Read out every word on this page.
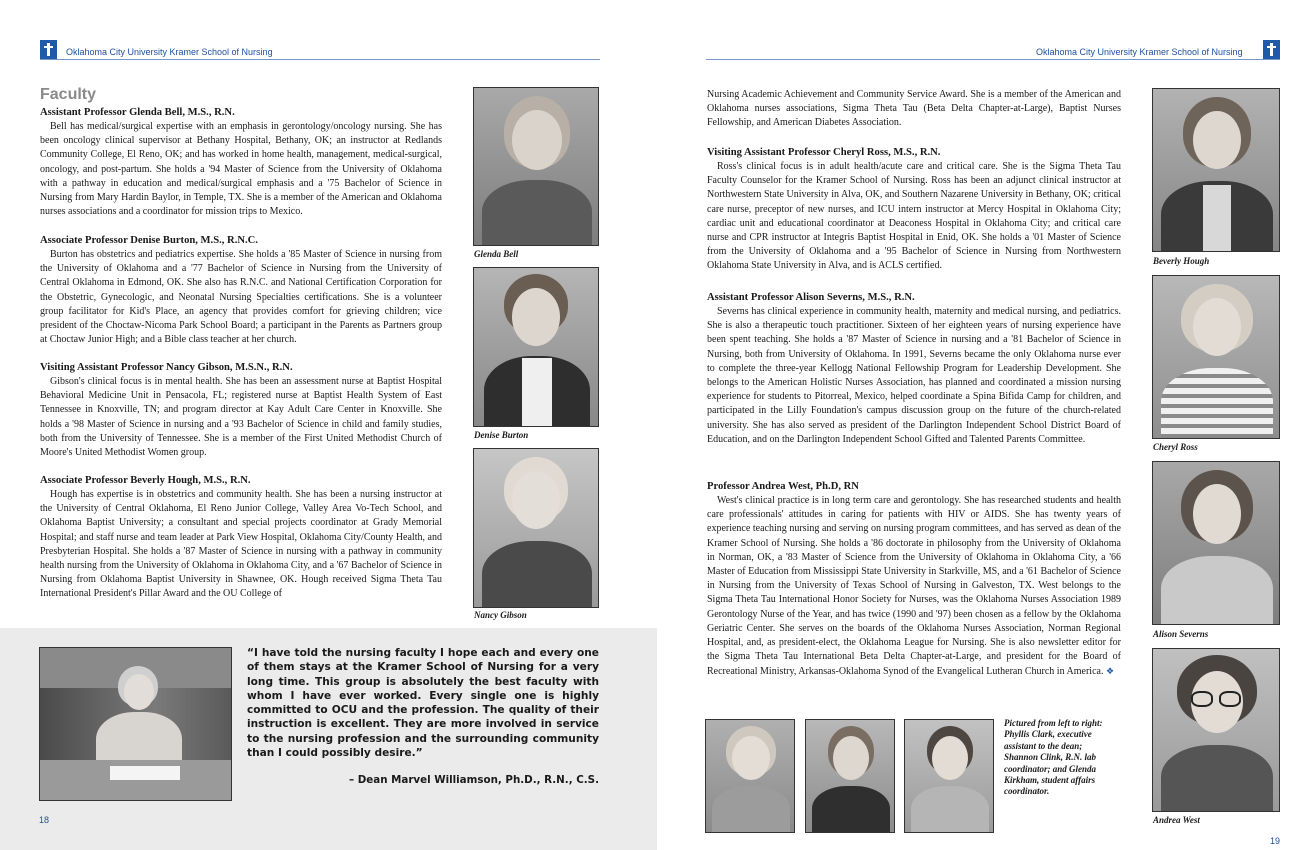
Oklahoma City University Kramer School of Nursing
Faculty
Assistant Professor Glenda Bell, M.S., R.N.

Bell has medical/surgical expertise with an emphasis in gerontology/oncology nursing. She has been oncology clinical supervisor at Bethany Hospital, Bethany, OK; an instructor at Redlands Community College, El Reno, OK; and has worked in home health, management, medical-surgical, oncology, and post-partum. She holds a '94 Master of Science from the University of Oklahoma with a pathway in education and medical/surgical emphasis and a '75 Bachelor of Science in Nursing from Mary Hardin Baylor, in Temple, TX. She is a member of the American and Oklahoma nurses associations and a coordinator for mission trips to Mexico.

Associate Professor Denise Burton, M.S., R.N.C.

Burton has obstetrics and pediatrics expertise. She holds a '85 Master of Science in nursing from the University of Oklahoma and a '77 Bachelor of Science in Nursing from the University of Central Oklahoma in Edmond, OK. She also has R.N.C. and National Certification Corporation for the Obstetric, Gynecologic, and Neonatal Nursing Specialties certifications. She is a volunteer group facilitator for Kid's Place, an agency that provides comfort for grieving children; vice president of the Choctaw-Nicoma Park School Board; a participant in the Parents as Partners group at Choctaw Junior High; and a Bible class teacher at her church.

Visiting Assistant Professor Nancy Gibson, M.S.N., R.N.

Gibson's clinical focus is in mental health. She has been an assessment nurse at Baptist Hospital Behavioral Medicine Unit in Pensacola, FL; registered nurse at Baptist Health System of East Tennessee in Knoxville, TN; and program director at Kay Adult Care Center in Knoxville. She holds a '98 Master of Science in nursing and a '93 Bachelor of Science in child and family studies, both from the University of Tennessee. She is a member of the First United Methodist Church of Moore's United Methodist Women group.

Associate Professor Beverly Hough, M.S., R.N.

Hough has expertise is in obstetrics and community health. She has been a nursing instructor at the University of Central Oklahoma, El Reno Junior College, Valley Area Vo-Tech School, and Oklahoma Baptist University; a consultant and special projects coordinator at Grady Memorial Hospital; and staff nurse and team leader at Park View Hospital, Oklahoma City/County Health, and Presbyterian Hospital. She holds a '87 Master of Science in nursing with a pathway in community health nursing from the University of Oklahoma in Oklahoma City, and a '67 Bachelor of Science in Nursing from Oklahoma Baptist University in Shawnee, OK. Hough received Sigma Theta Tau International President's Pillar Award and the OU College of

Glenda Bell
Denise Burton
Nancy Gibson

“I have told the nursing faculty I hope each and every one of them stays at the Kramer School of Nursing for a very long time. This group is absolutely the best faculty with whom I have ever worked. Every single one is highly committed to OCU and the profession. The quality of their instruction is excellent. They are more involved in service to the nursing profession and the surrounding community than I could possibly desire.”

– Dean Marvel Williamson, Ph.D., R.N., C.S.
18
Oklahoma City University Kramer School of Nursing

Nursing Academic Achievement and Community Service Award. She is a member of the American and Oklahoma nurses associations, Sigma Theta Tau (Beta Delta Chapter-at-Large), Baptist Nurses Fellowship, and American Diabetes Association.

Visiting Assistant Professor Cheryl Ross, M.S., R.N.

Ross's clinical focus is in adult health/acute care and critical care. She is the Sigma Theta Tau Faculty Counselor for the Kramer School of Nursing. Ross has been an adjunct clinical instructor at Northwestern State University in Alva, OK, and Southern Nazarene University in Bethany, OK; critical care nurse, preceptor of new nurses, and ICU intern instructor at Mercy Hospital in Oklahoma City; cardiac unit and educational coordinator at Deaconess Hospital in Oklahoma City; and critical care nurse and CPR instructor at Integris Baptist Hospital in Enid, OK. She holds a '01 Master of Science from the University of Oklahoma and a '95 Bachelor of Science in Nursing from Northwestern Oklahoma State University in Alva, and is ACLS certified.

Assistant Professor Alison Severns, M.S., R.N.

Severns has clinical experience in community health, maternity and medical nursing, and pediatrics. She is also a therapeutic touch practitioner. Sixteen of her eighteen years of nursing experience have been spent teaching. She holds a '87 Master of Science in nursing and a '81 Bachelor of Science in Nursing, both from University of Oklahoma. In 1991, Severns became the only Oklahoma nurse ever to complete the three-year Kellogg National Fellowship Program for Leadership Development. She belongs to the American Holistic Nurses Association, has planned and coordinated a mission nursing experience for students to Pitorreal, Mexico, helped coordinate a Spina Bifida Camp for children, and participated in the Lilly Foundation's campus discussion group on the future of the church-related university. She has also served as president of the Darlington Independent School District Board of Education, and on the Darlington Independent School Gifted and Talented Parents Committee.

Professor Andrea West, Ph.D, RN

West's clinical practice is in long term care and gerontology. She has researched students and health care professionals' attitudes in caring for patients with HIV or AIDS. She has twenty years of experience teaching nursing and serving on nursing program committees, and has served as dean of the Kramer School of Nursing. She holds a '86 doctorate in philosophy from the University of Oklahoma in Norman, OK, a '83 Master of Science from the University of Oklahoma in Oklahoma City, a '66 Master of Education from Mississippi State University in Starkville, MS, and a '61 Bachelor of Science in Nursing from the University of Texas School of Nursing in Galveston, TX. West belongs to the Sigma Theta Tau International Honor Society for Nurses, was the Oklahoma Nurses Association 1989 Gerontology Nurse of the Year, and has twice (1990 and '97) been chosen as a fellow by the Oklahoma Geriatric Center. She serves on the boards of the Oklahoma Nurses Association, Norman Regional Hospital, and, as president-elect, the Oklahoma League for Nursing. She is also newsletter editor for the Sigma Theta Tau International Beta Delta Chapter-at-Large, and president for the Board of Recreational Ministry, Arkansas-Oklahoma Synod of the Evangelical Lutheran Church in America. ❖

Beverly Hough
Cheryl Ross
Alison Severns
Andrea West

Pictured from left to right: Phyllis Clark, executive assistant to the dean; Shannon Clink, R.N. lab coordinator; and Glenda Kirkham, student affairs coordinator.

19
